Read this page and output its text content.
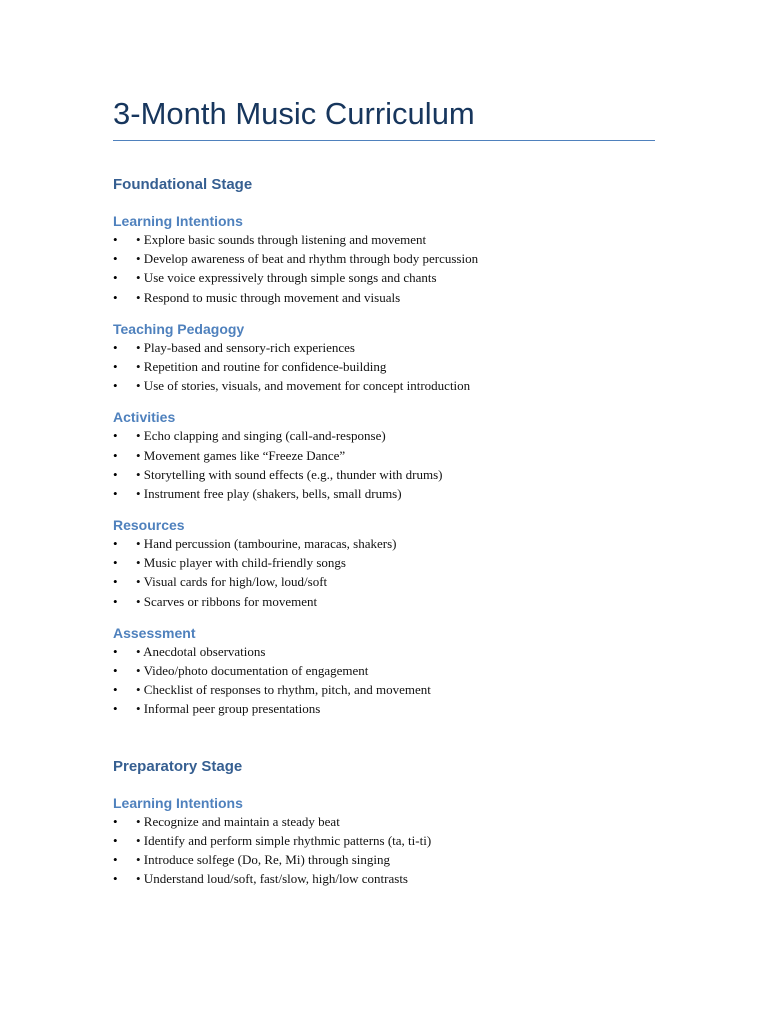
3-Month Music Curriculum
Foundational Stage
Learning Intentions
• • Explore basic sounds through listening and movement
• • Develop awareness of beat and rhythm through body percussion
• • Use voice expressively through simple songs and chants
• • Respond to music through movement and visuals
Teaching Pedagogy
• • Play-based and sensory-rich experiences
• • Repetition and routine for confidence-building
• • Use of stories, visuals, and movement for concept introduction
Activities
• • Echo clapping and singing (call-and-response)
• • Movement games like “Freeze Dance”
• • Storytelling with sound effects (e.g., thunder with drums)
• • Instrument free play (shakers, bells, small drums)
Resources
• • Hand percussion (tambourine, maracas, shakers)
• • Music player with child-friendly songs
• • Visual cards for high/low, loud/soft
• • Scarves or ribbons for movement
Assessment
• • Anecdotal observations
• • Video/photo documentation of engagement
• • Checklist of responses to rhythm, pitch, and movement
• • Informal peer group presentations
Preparatory Stage
Learning Intentions
• • Recognize and maintain a steady beat
• • Identify and perform simple rhythmic patterns (ta, ti-ti)
• • Introduce solfege (Do, Re, Mi) through singing
• • Understand loud/soft, fast/slow, high/low contrasts
